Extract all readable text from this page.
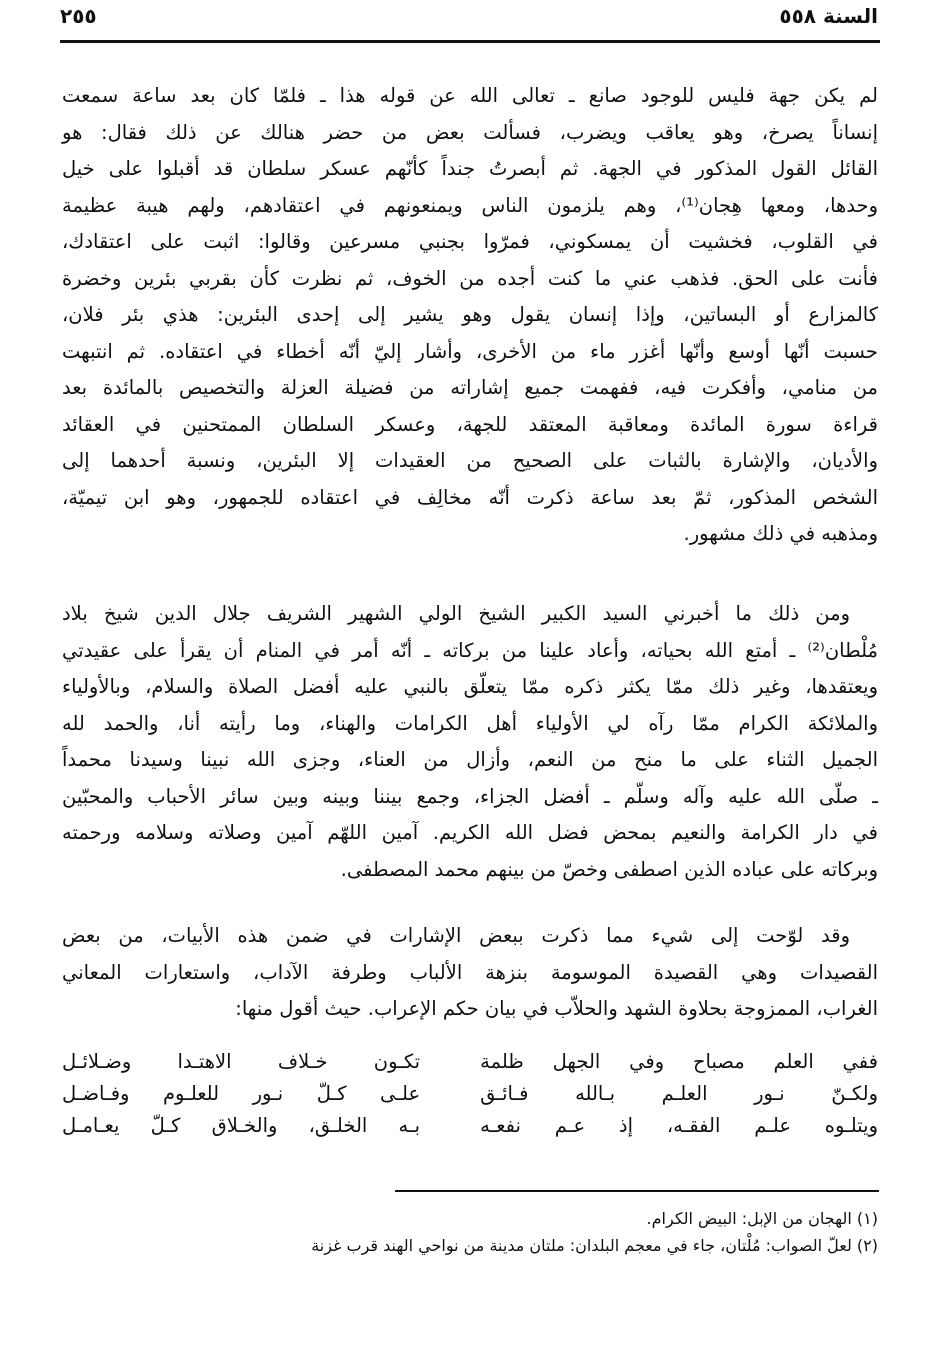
السنة ٥٥٨
٢٥٥
لم يكن جهة فليس للوجود صانع ـ تعالى الله عن قوله هذا ـ فلمّا كان بعد ساعة سمعت
إنساناً يصرخ، وهو يعاقب ويضرب، فسألت بعض من حضر هنالك عن ذلك فقال: هو
القائل القول المذكور في الجهة. ثم أبصرتُ جنداً كأنّهم عسكر سلطان قد أقبلوا على خيل
وحدها، ومعها هِجان⁽¹⁾، وهم يلزمون الناس ويمنعونهم في اعتقادهم، ولهم هيبة عظيمة
في القلوب، فخشيت أن يمسكوني، فمرّوا بجنبي مسرعين وقالوا: اثبت على اعتقادك،
فأنت على الحق. فذهب عني ما كنت أجده من الخوف، ثم نظرت كأن بقربي بئرين وخضرة
كالمزارع أو البساتين، وإذا إنسان يقول وهو يشير إلى إحدى البئرين: هذي بئر فلان،
حسبت أنّها أوسع وأنّها أغزر ماء من الأخرى، وأشار إليّ أنّه أخطاء في اعتقاده. ثم انتبهت
من منامي، وأفكرت فيه، ففهمت جميع إشاراته من فضيلة العزلة والتخصيص بالمائدة بعد
قراءة سورة المائدة ومعاقبة المعتقد للجهة، وعسكر السلطان الممتحنين في العقائد
والأديان، والإشارة بالثبات على الصحيح من العقيدات إلا البئرين، ونسبة أحدهما إلى
الشخص المذكور، ثمّ بعد ساعة ذكرت أنّه مخالِف في اعتقاده للجمهور، وهو ابن تيميّة،
ومذهبه في ذلك مشهور.
ومن ذلك ما أخبرني السيد الكبير الشيخ الولي الشهير الشريف جلال الدين شيخ بلاد
مُلْطان⁽²⁾ ـ أمتع الله بحياته، وأعاد علينا من بركاته ـ أنّه أمر في المنام أن يقرأ على عقيدتي
ويعتقدها، وغير ذلك ممّا يكثر ذكره ممّا يتعلّق بالنبي عليه أفضل الصلاة والسلام، وبالأولياء
والملائكة الكرام ممّا رآه لي الأولياء أهل الكرامات والهناء، وما رأيته أنا، والحمد لله
الجميل الثناء على ما منح من النعم، وأزال من العناء، وجزى الله نبينا وسيدنا محمداً
ـ صلّى الله عليه وآله وسلّم ـ أفضل الجزاء، وجمع بيننا وبينه وبين سائر الأحباب والمحبّين
في دار الكرامة والنعيم بمحض فضل الله الكريم. آمين اللهّم آمين وصلاته وسلامه ورحمته
وبركاته على عباده الذين اصطفى وخصّ من بينهم محمد المصطفى.
وقد لوّحت إلى شيء مما ذكرت ببعض الإشارات في ضمن هذه الأبيات، من بعض
القصيدات وهي القصيدة الموسومة بنزهة الألباب وطرفة الآداب، واستعارات المعاني
الغراب، الممزوجة بحلاوة الشهد والحلاّب في بيان حكم الإعراب. حيث أقول منها:
ففي العلم مصباح وفي الجهل ظلمة
تكـون خـلاف الاهتـدا وضـلائـل
ولكـنّ نـور العلـم بـالله فـائـق
علـى كـلّ نـور للعلـوم وفـاضـل
ويتلـوه علـم الفقـه، إذ عـم نفعـه
بـه الخلـق، والخـلاق كـلّ يعـامـل
(١) الهجان من الإبل: البيض الكرام.
(٢) لعلّ الصواب: مُلْتان، جاء في معجم البلدان: ملتان مدينة من نواحي الهند قرب غزنة
